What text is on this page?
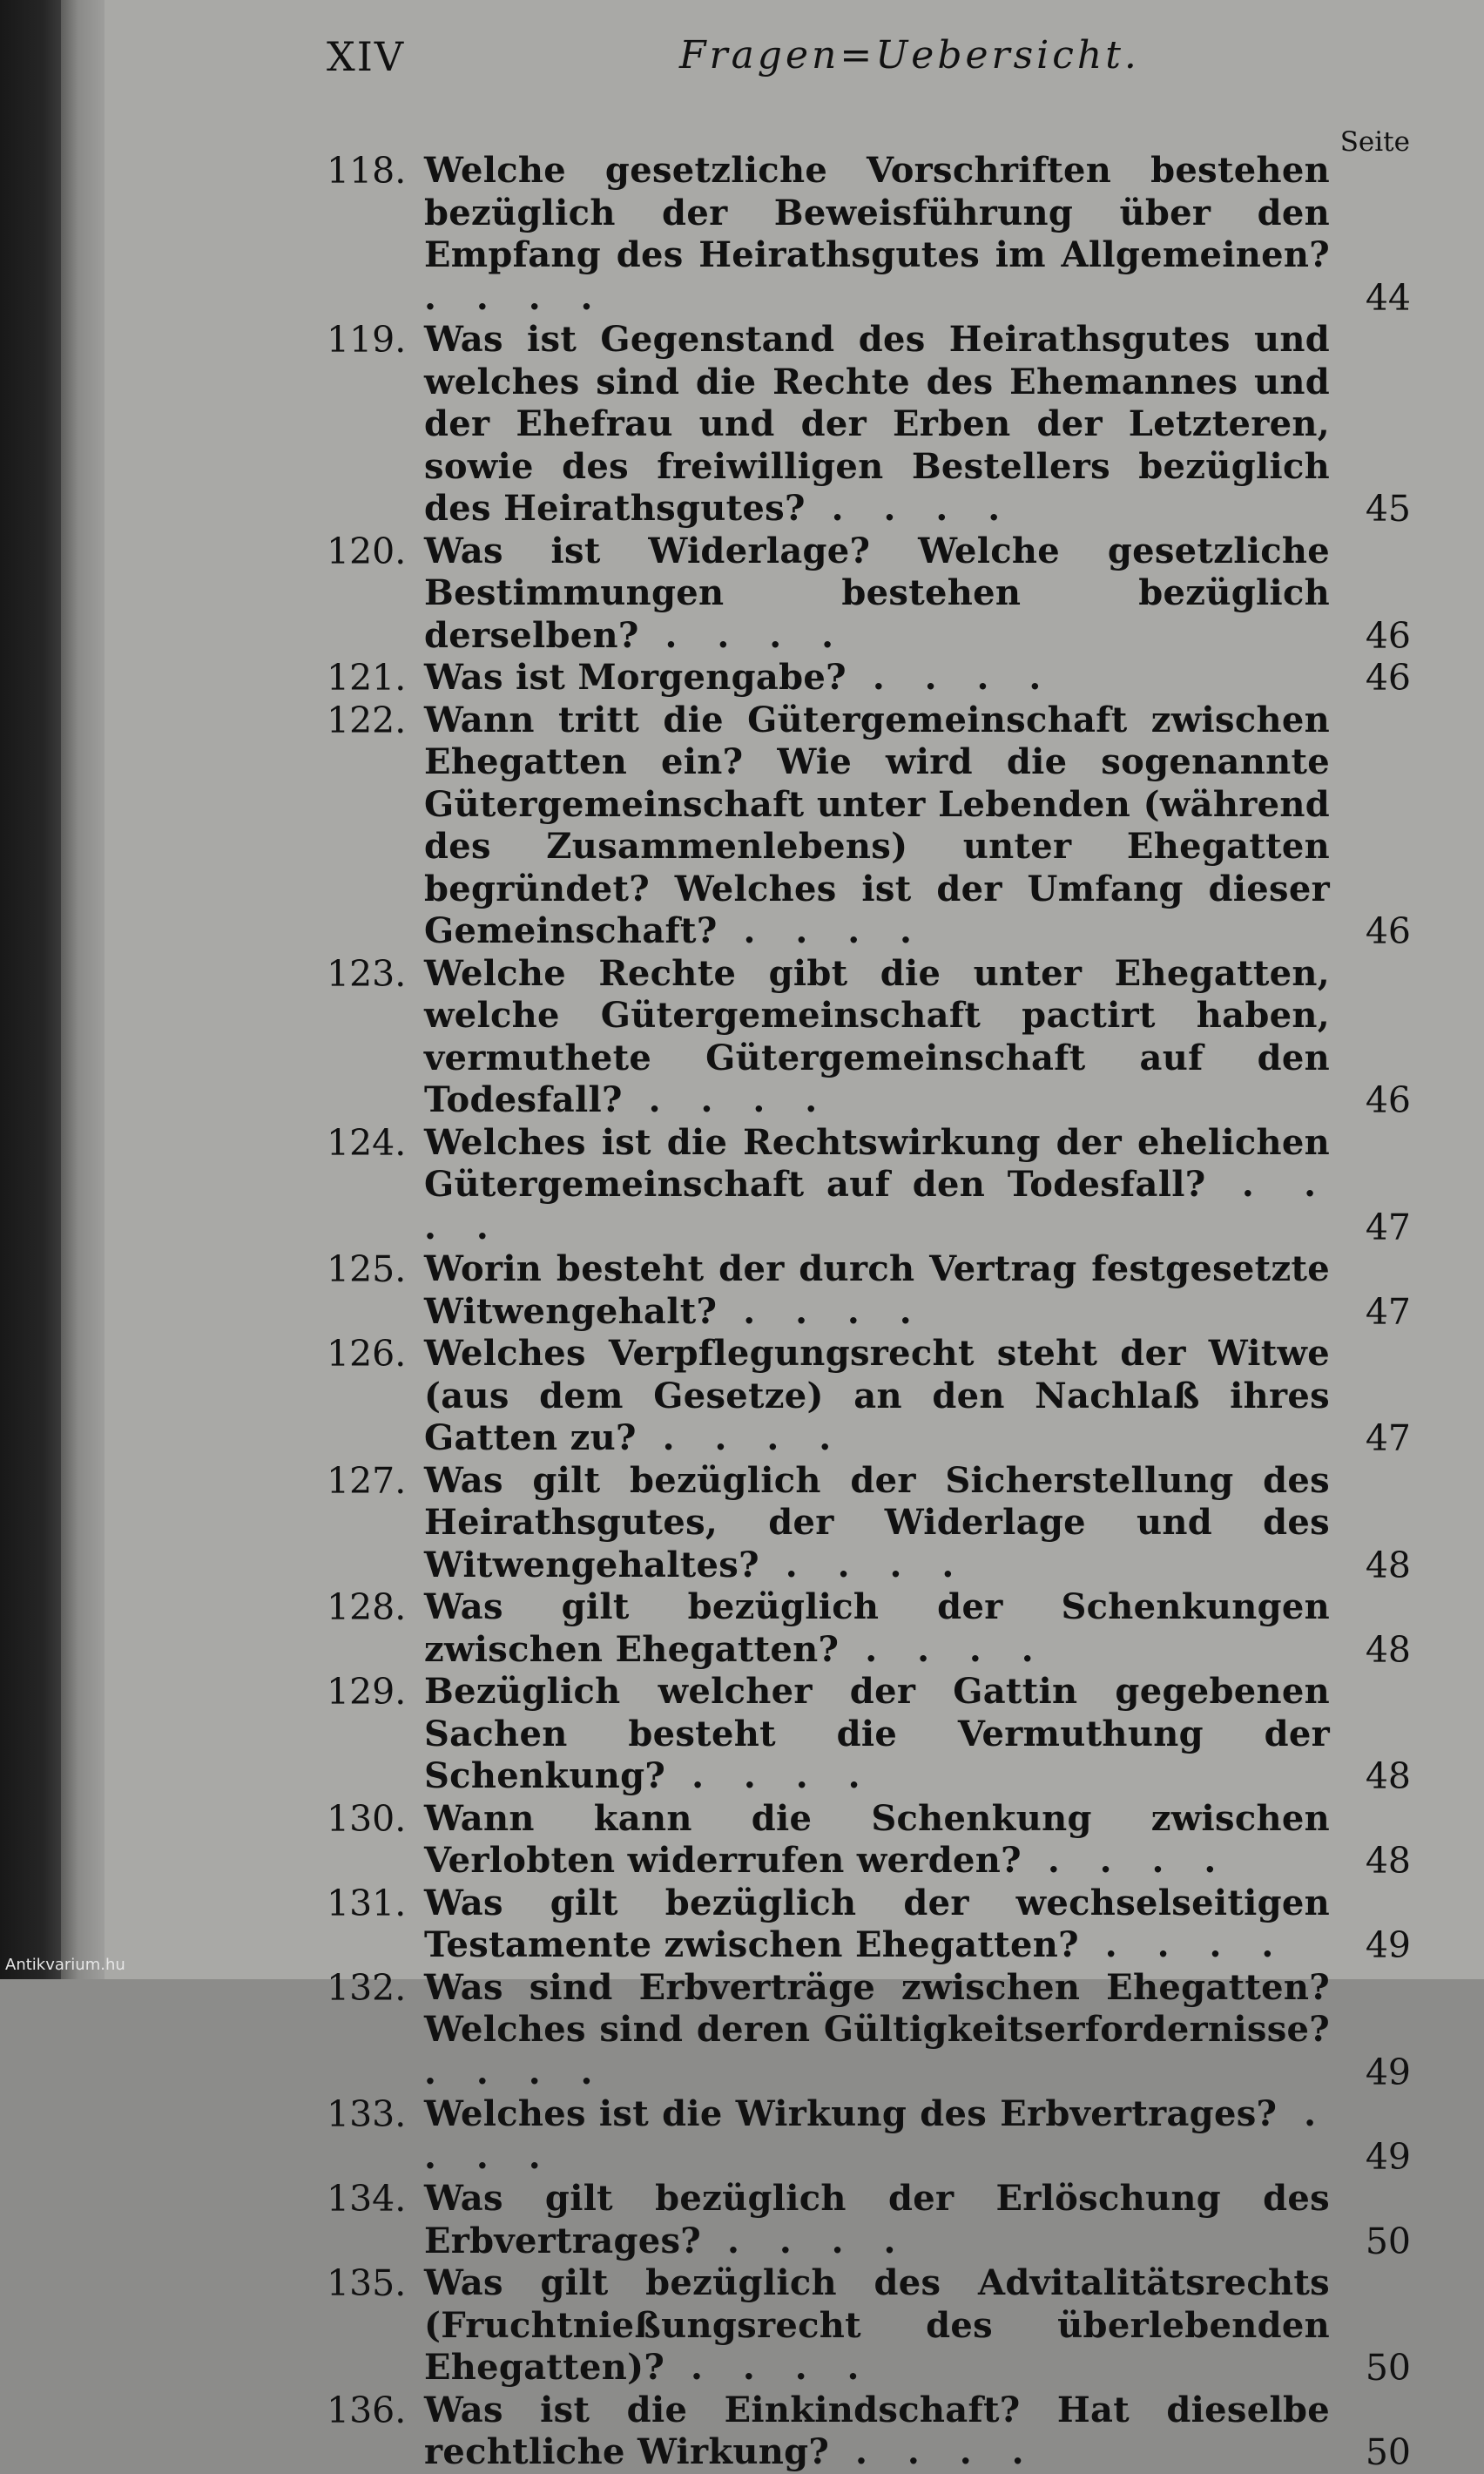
XIV	Fragen=Uebersicht.
Seite
118. Welche gesetzliche Vorschriften bestehen bezüglich der Beweisführung über den Empfang des Heirathsgutes im Allgemeinen? . . . .	44
119. Was ist Gegenstand des Heirathsgutes und welches sind die Rechte des Ehemannes und der Ehefrau und der Erben der Letzteren, sowie des freiwilligen Bestellers bezüglich des Heirathsgutes? . . . .	45
120. Was ist Widerlage? Welche gesetzliche Bestimmungen bestehen bezüglich derselben? . . . .	46
121. Was ist Morgengabe? . . . .	46
122. Wann tritt die Gütergemeinschaft zwischen Ehegatten ein? Wie wird die sogenannte Gütergemeinschaft unter Lebenden (während des Zusammenlebens) unter Ehegatten begründet? Welches ist der Umfang dieser Gemeinschaft? . . . .	46
123. Welche Rechte gibt die unter Ehegatten, welche Gütergemeinschaft pactirt haben, vermuthete Gütergemeinschaft auf den Todesfall? . . . .	46
124. Welches ist die Rechtswirkung der ehelichen Gütergemeinschaft auf den Todesfall? . . . .	47
125. Worin besteht der durch Vertrag festgesetzte Witwengehalt? . . . .	47
126. Welches Verpflegungsrecht steht der Witwe (aus dem Gesetze) an den Nachlaß ihres Gatten zu? . . . .	47
127. Was gilt bezüglich der Sicherstellung des Heirathsgutes, der Widerlage und des Witwengehaltes? . . . .	48
128. Was gilt bezüglich der Schenkungen zwischen Ehegatten? . . . .	48
129. Bezüglich welcher der Gattin gegebenen Sachen besteht die Vermuthung der Schenkung? . . . .	48
130. Wann kann die Schenkung zwischen Verlobten widerrufen werden? . . . .	48
131. Was gilt bezüglich der wechselseitigen Testamente zwischen Ehegatten? . . . .	49
132. Was sind Erbverträge zwischen Ehegatten? Welches sind deren Gültigkeitserfordernisse? . . . .	49
133. Welches ist die Wirkung des Erbvertrages? . . . .	49
134. Was gilt bezüglich der Erlöschung des Erbvertrages? . . . .	50
135. Was gilt bezüglich des Advitalitätsrechts (Fruchtnießungsrecht des überlebenden Ehegatten)? . . . .	50
136. Was ist die Einkindschaft? Hat dieselbe rechtliche Wirkung? . . . .	50
Antikvarium.hu
